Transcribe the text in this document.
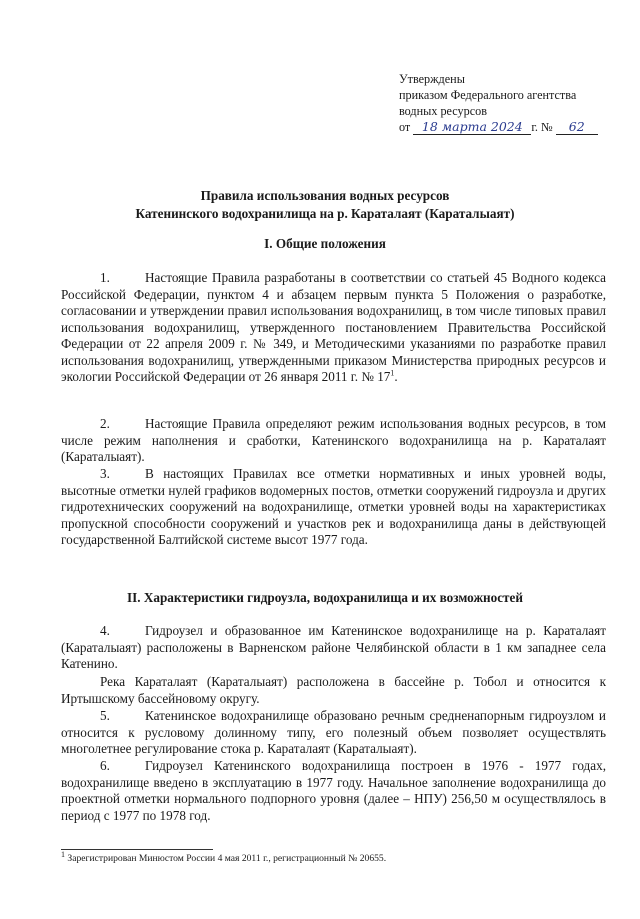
Утверждены
приказом Федерального агентства
водных ресурсов
от 18 марта 2024 г. № 62
Правила использования водных ресурсов
Катенинского водохранилища на р. Караталаят (Караталыаят)
I. Общие положения
1.	Настоящие Правила разработаны в соответствии со статьей 45 Водного кодекса Российской Федерации, пунктом 4 и абзацем первым пункта 5 Положения о разработке, согласовании и утверждении правил использования водохранилищ, в том числе типовых правил использования водохранилищ, утвержденного постановлением Правительства Российской Федерации от 22 апреля 2009 г. № 349, и Методическими указаниями по разработке правил использования водохранилищ, утвержденными приказом Министерства природных ресурсов и экологии Российской Федерации от 26 января 2011 г. № $17^1$.
2.	Настоящие Правила определяют режим использования водных ресурсов, в том числе режим наполнения и сработки, Катенинского водохранилища на р. Караталаят (Караталыаят).
3.	В настоящих Правилах все отметки нормативных и иных уровней воды, высотные отметки нулей графиков водомерных постов, отметки сооружений гидроузла и других гидротехнических сооружений на водохранилище, отметки уровней воды на характеристиках пропускной способности сооружений и участков рек и водохранилища даны в действующей государственной Балтийской системе высот 1977 года.
II. Характеристики гидроузла, водохранилища и их возможностей
4.	Гидроузел и образованное им Катенинское водохранилище на р. Караталаят (Караталыаят) расположены в Варненском районе Челябинской области в 1 км западнее села Катенино.
Река Караталаят (Караталыаят) расположена в бассейне р. Тобол и относится к Иртышскому бассейновому округу.
5.	Катенинское водохранилище образовано речным средненапорным гидроузлом и относится к русловому долинному типу, его полезный объем позволяет осуществлять многолетнее регулирование стока р. Караталаят (Караталыаят).
6.	Гидроузел Катенинского водохранилища построен в 1976 - 1977 годах, водохранилище введено в эксплуатацию в 1977 году. Начальное заполнение водохранилища до проектной отметки нормального подпорного уровня (далее – НПУ) 256,50 м осуществлялось в период с 1977 по 1978 год.
$^1$ Зарегистрирован Минюстом России 4 мая 2011 г., регистрационный № 20655.
